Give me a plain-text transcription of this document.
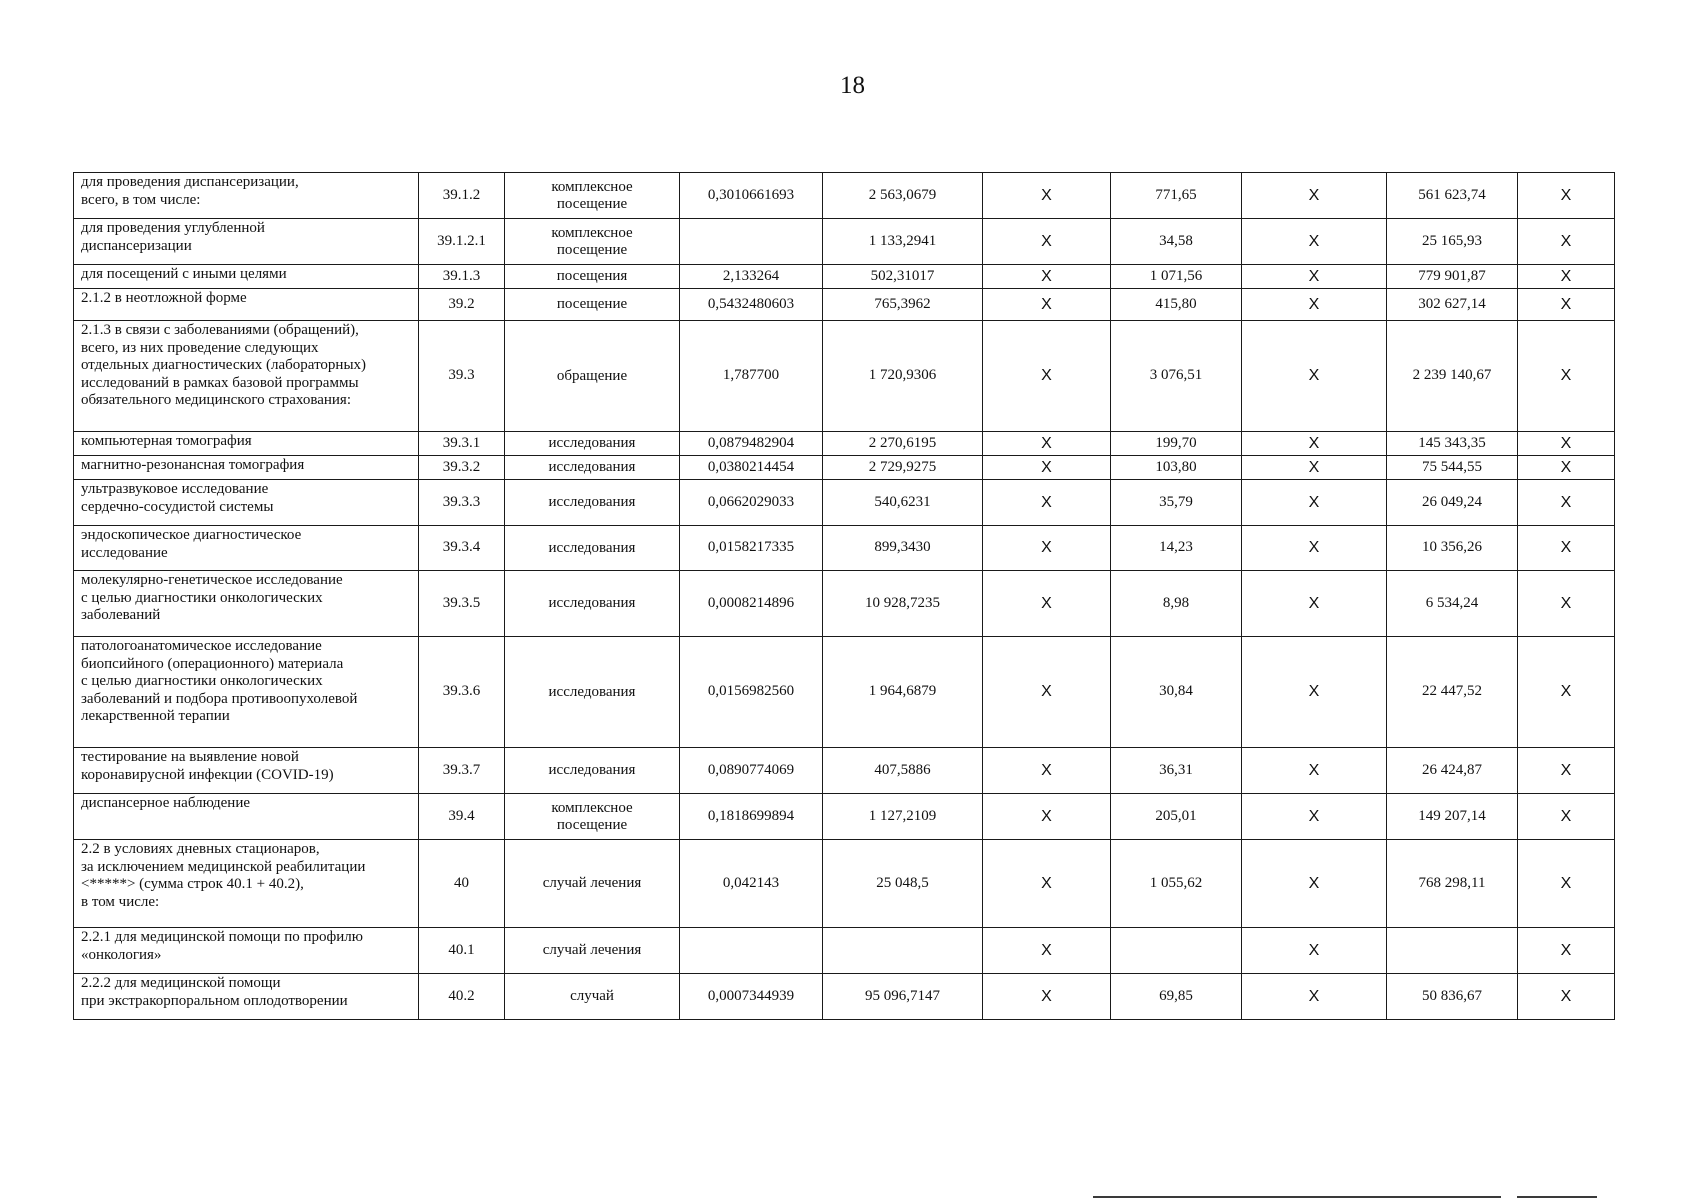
18
для проведения диспансеризации,
всего, в том числе:	39.1.2	комплексное
посещение	0,3010661693	2 563,0679	X	771,65	X	561 623,74	X
для проведения углубленной
диспансеризации	39.1.2.1	комплексное
посещение		1 133,2941	X	34,58	X	25 165,93	X
для посещений с иными целями	39.1.3	посещения	2,133264	502,31017	X	1 071,56	X	779 901,87	X
2.1.2 в неотложной форме	39.2	посещение	0,5432480603	765,3962	X	415,80	X	302 627,14	X
2.1.3 в связи с заболеваниями (обращений),
всего, из них проведение следующих
отдельных диагностических (лабораторных)
исследований в рамках базовой программы
обязательного медицинского страхования:	39.3	обращение	1,787700	1 720,9306	X	3 076,51	X	2 239 140,67	X
компьютерная томография	39.3.1	исследования	0,0879482904	2 270,6195	X	199,70	X	145 343,35	X
магнитно-резонансная томография	39.3.2	исследования	0,0380214454	2 729,9275	X	103,80	X	75 544,55	X
ультразвуковое исследование
сердечно-сосудистой системы	39.3.3	исследования	0,0662029033	540,6231	X	35,79	X	26 049,24	X
эндоскопическое диагностическое
исследование	39.3.4	исследования	0,0158217335	899,3430	X	14,23	X	10 356,26	X
молекулярно-генетическое исследование
с целью диагностики онкологических
заболеваний	39.3.5	исследования	0,0008214896	10 928,7235	X	8,98	X	6 534,24	X
патологоанатомическое исследование
биопсийного (операционного) материала
с целью диагностики онкологических
заболеваний и подбора противоопухолевой
лекарственной терапии	39.3.6	исследования	0,0156982560	1 964,6879	X	30,84	X	22 447,52	X
тестирование на выявление новой
коронавирусной инфекции (COVID-19)	39.3.7	исследования	0,0890774069	407,5886	X	36,31	X	26 424,87	X
диспансерное наблюдение	39.4	комплексное
посещение	0,1818699894	1 127,2109	X	205,01	X	149 207,14	X
2.2 в условиях дневных стационаров,
за исключением медицинской реабилитации
<*****> (сумма строк 40.1 + 40.2),
в том числе:	40	случай лечения	0,042143	25 048,5	X	1 055,62	X	768 298,11	X
2.2.1 для медицинской помощи по профилю
«онкология»	40.1	случай лечения			X		X		X
2.2.2 для медицинской помощи
при экстракорпоральном оплодотворении	40.2	случай	0,0007344939	95 096,7147	X	69,85	X	50 836,67	X
